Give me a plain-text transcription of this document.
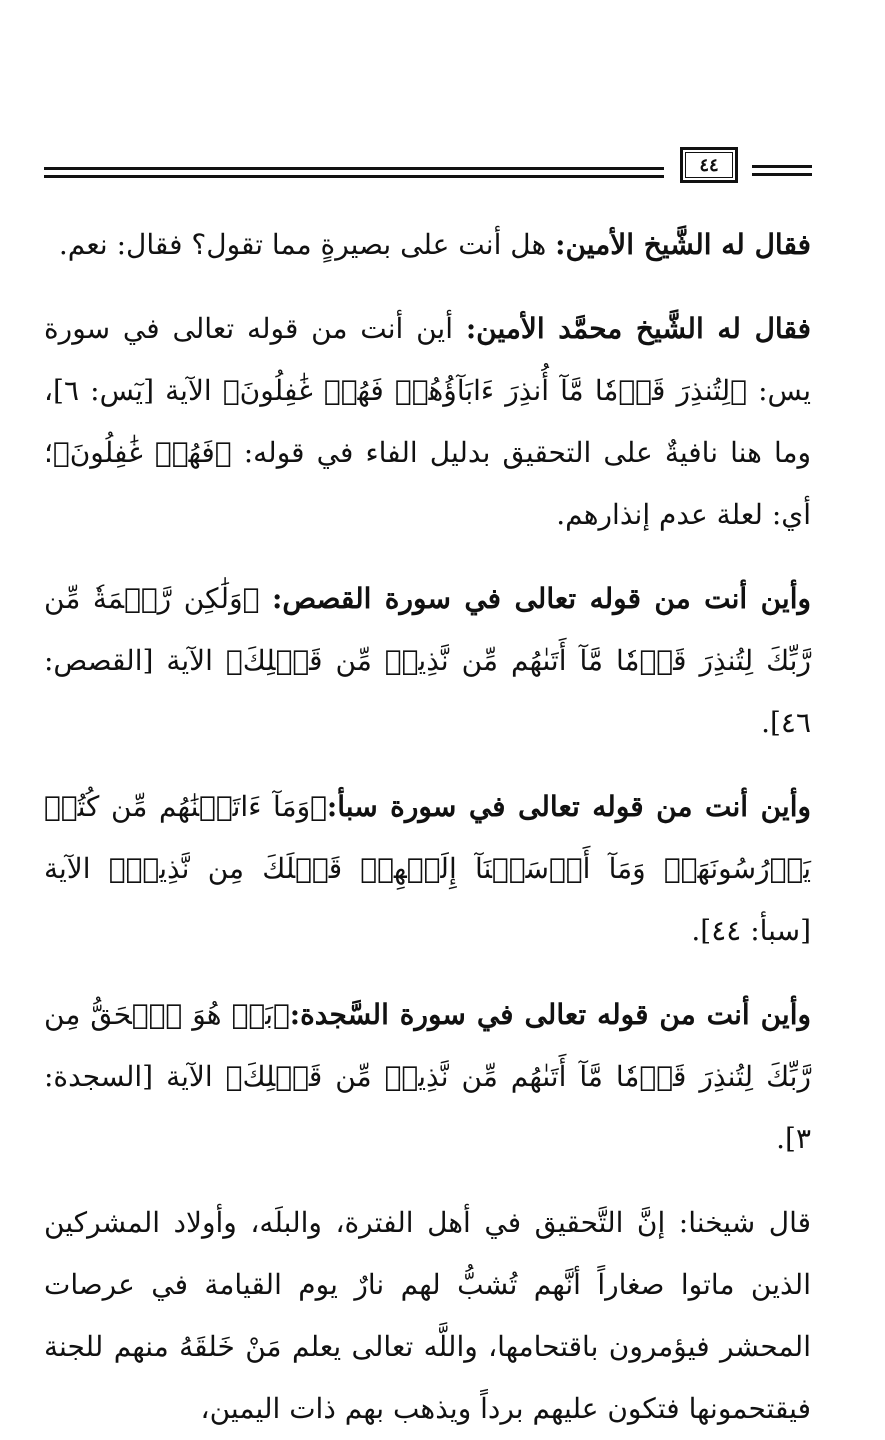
٤٤

فقال له الشَّيخ الأمين: هل أنت على بصيرةٍ مما تقول؟ فقال: نعم.

فقال له الشَّيخ محمَّد الأمين: أين أنت من قوله تعالى في سورة يس: ﴿لِتُنذِرَ قَوۡمٗا مَّآ أُنذِرَ ءَابَآؤُهُمۡ فَهُمۡ غَٰفِلُونَ﴾ الآية [يٓس: ٦]، وما هنا نافيةٌ على التحقيق بدليل الفاء في قوله: ﴿فَهُمۡ غَٰفِلُونَ﴾؛ أي: لعلة عدم إنذارهم.

وأين أنت من قوله تعالى في سورة القصص: ﴿وَلَٰكِن رَّحۡمَةٗ مِّن رَّبِّكَ لِتُنذِرَ قَوۡمٗا مَّآ أَتَىٰهُم مِّن نَّذِيرٖ مِّن قَبۡلِكَ﴾ الآية [القصص: ٤٦].

وأين أنت من قوله تعالى في سورة سبأ:﴿وَمَآ ءَاتَيۡنَٰهُم مِّن كُتُبٖ يَدۡرُسُونَهَاۖ وَمَآ أَرۡسَلۡنَآ إِلَيۡهِمۡ قَبۡلَكَ مِن نَّذِيرٖ﴾ الآية [سبأ: ٤٤].

وأين أنت من قوله تعالى في سورة السَّجدة:﴿بَلۡ هُوَ ٱلۡحَقُّ مِن رَّبِّكَ لِتُنذِرَ قَوۡمٗا مَّآ أَتَىٰهُم مِّن نَّذِيرٖ مِّن قَبۡلِكَ﴾ الآية [السجدة: ٣].

قال شيخنا: إنَّ التَّحقيق في أهل الفترة، والبلَه، وأولاد المشركين الذين ماتوا صغاراً أنَّهم تُشبُّ لهم نارٌ يوم القيامة في عرصات المحشر فيؤمرون باقتحامها، واللَّه تعالى يعلم مَنْ خَلقَهُ منهم للجنة فيقتحمونها فتكون عليهم برداً ويذهب بهم ذات اليمين،
